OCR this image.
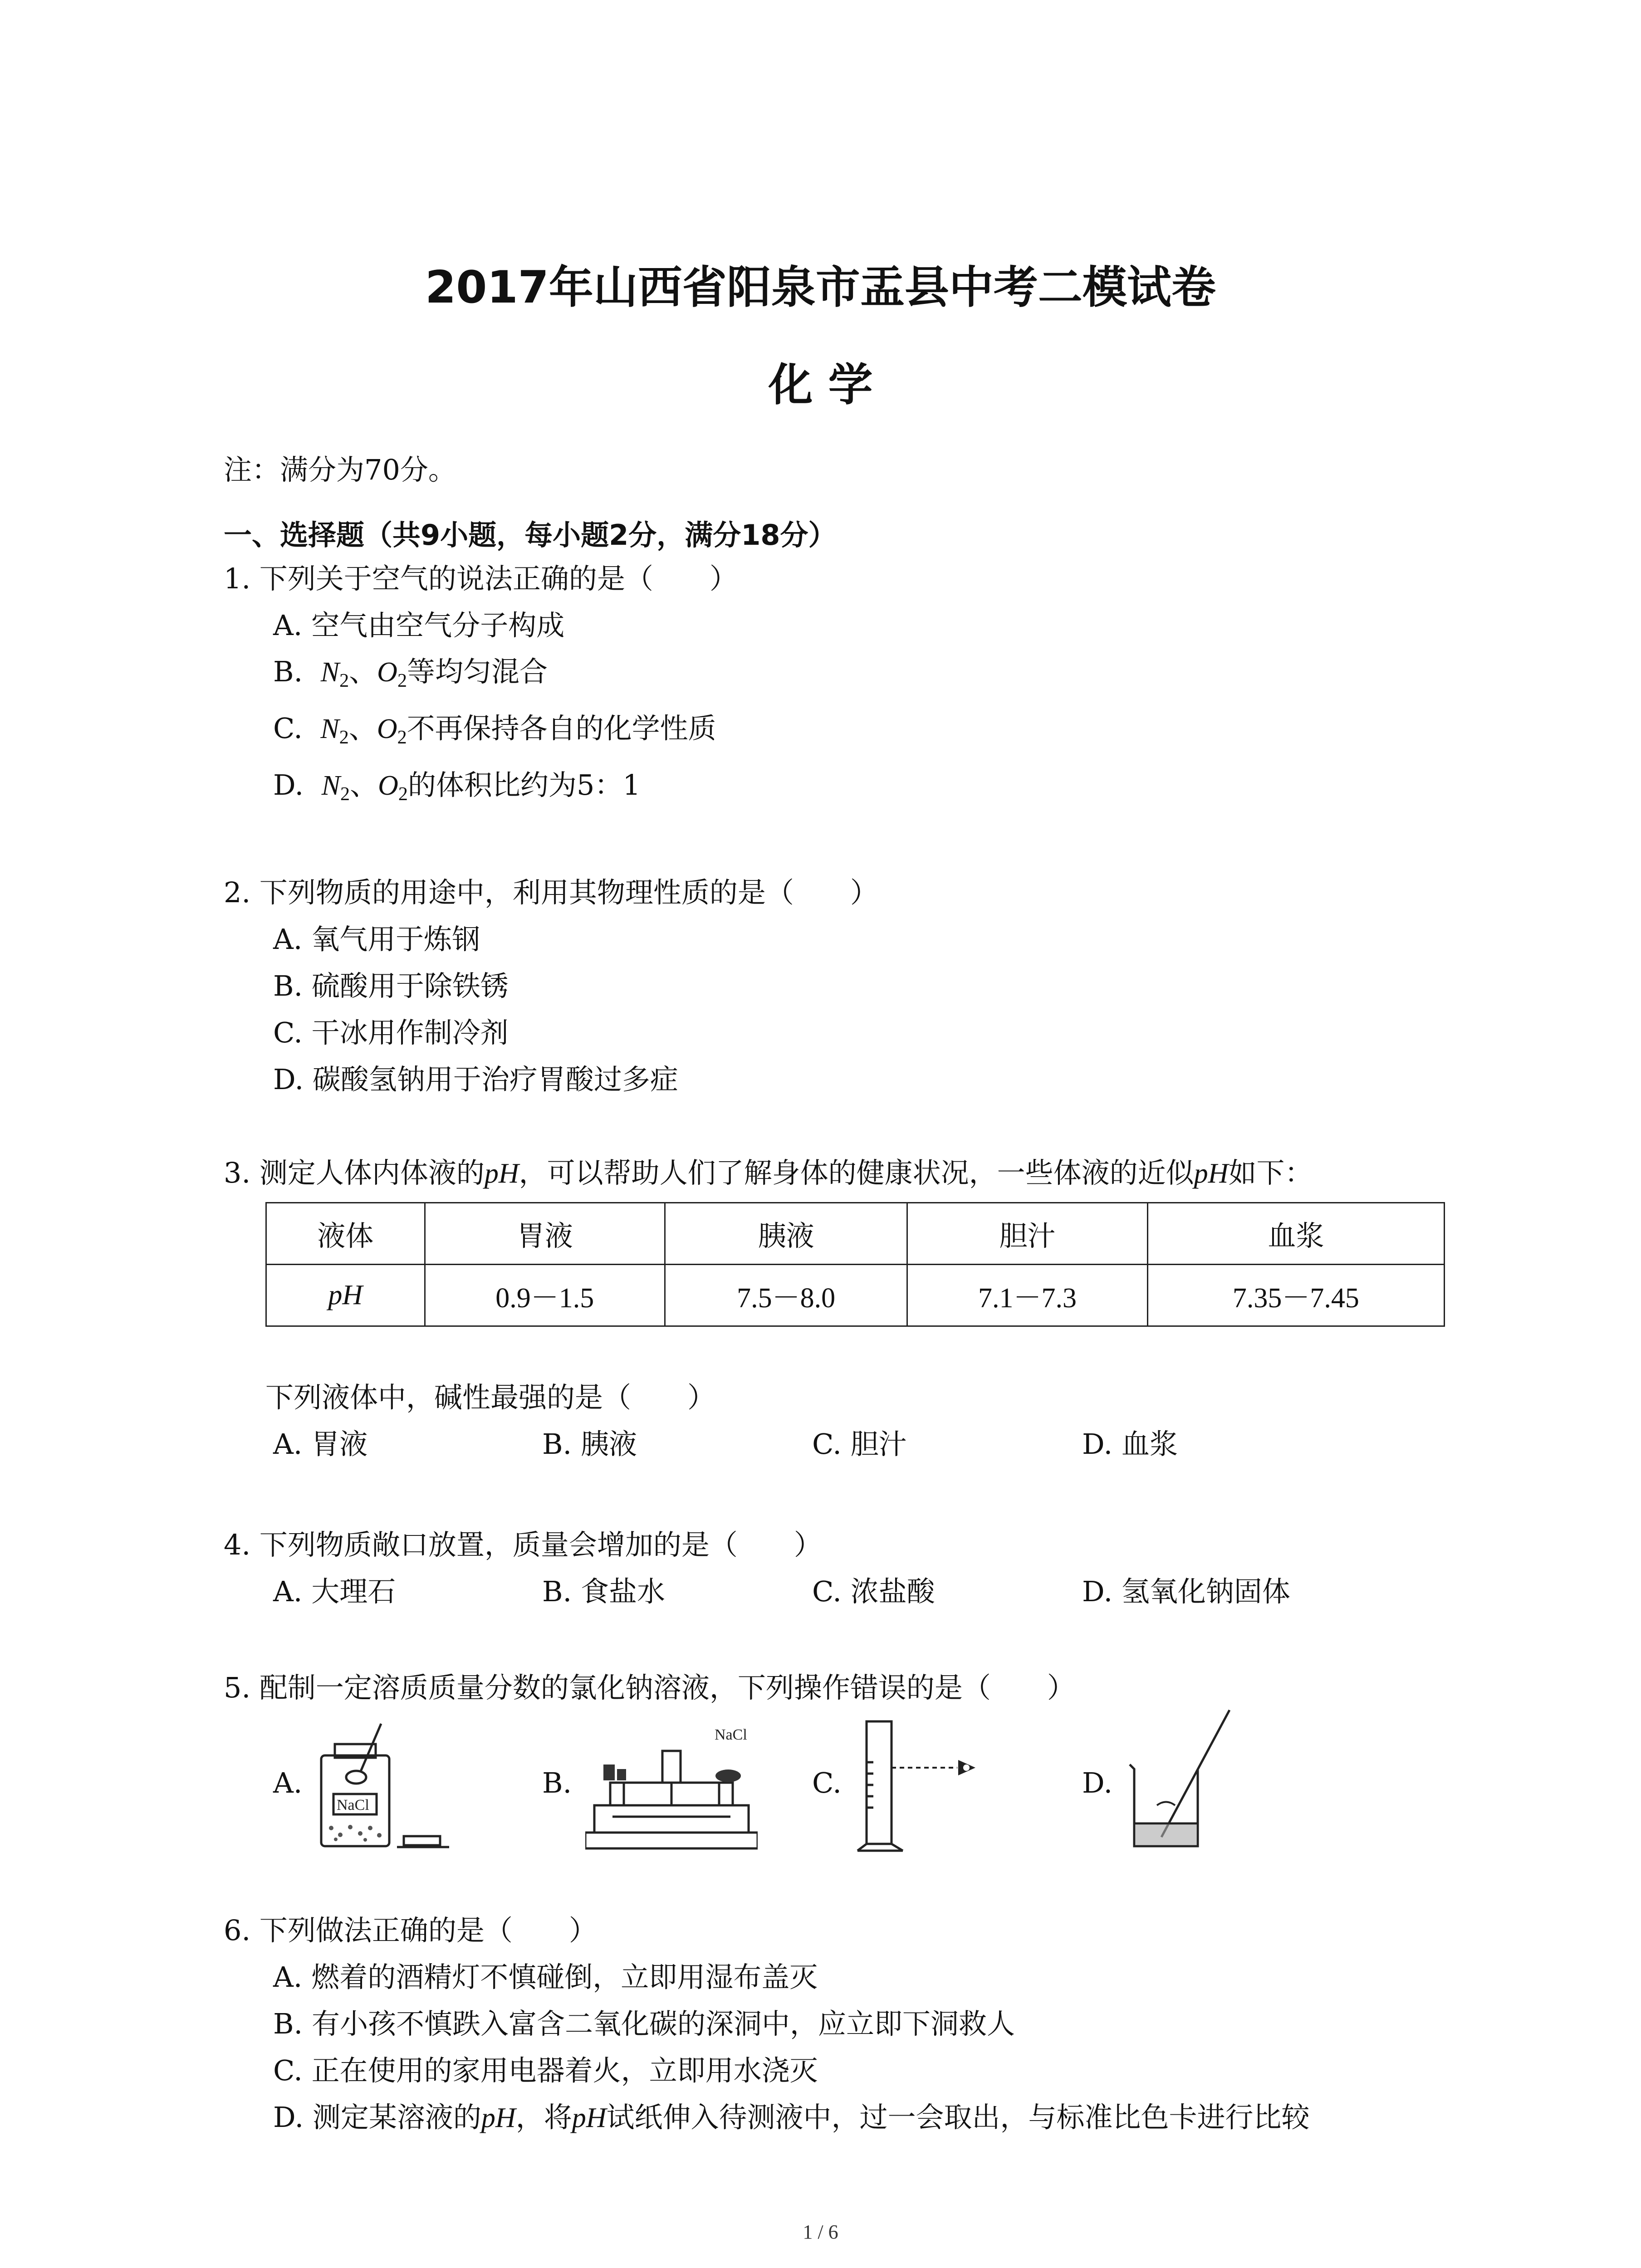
2017年山西省阳泉市盂县中考二模试卷
化 学
注：满分为70分。
一、选择题（共9小题，每小题2分，满分18分）
1. 下列关于空气的说法正确的是（　　）
A. 空气由空气分子构成
B. $N_2$、$O_2$等均匀混合
C. $N_2$、$O_2$不再保持各自的化学性质
D. $N_2$、$O_2$的体积比约为5：1
2. 下列物质的用途中，利用其物理性质的是（　　）
A. 氧气用于炼钢
B. 硫酸用于除铁锈
C. 干冰用作制冷剂
D. 碳酸氢钠用于治疗胃酸过多症
3. 测定人体内体液的pH，可以帮助人们了解身体的健康状况，一些体液的近似pH如下：
液体	胃液	胰液	胆汁	血浆
pH	0.9－1.5	7.5－8.0	7.1－7.3	7.35－7.45
下列液体中，碱性最强的是（　　）
A. 胃液	B. 胰液	C. 胆汁	D. 血浆
4. 下列物质敞口放置，质量会增加的是（　　）
A. 大理石	B. 食盐水	C. 浓盐酸	D. 氢氧化钠固体
5. 配制一定溶质质量分数的氯化钠溶液，下列操作错误的是（　　）
A.
NaCl
B.
NaCl
C.	D.
6. 下列做法正确的是（　　）
A. 燃着的酒精灯不慎碰倒，立即用湿布盖灭
B. 有小孩不慎跌入富含二氧化碳的深洞中，应立即下洞救人
C. 正在使用的家用电器着火，立即用水浇灭
D. 测定某溶液的pH，将pH试纸伸入待测液中，过一会取出，与标准比色卡进行比较
1 / 6
